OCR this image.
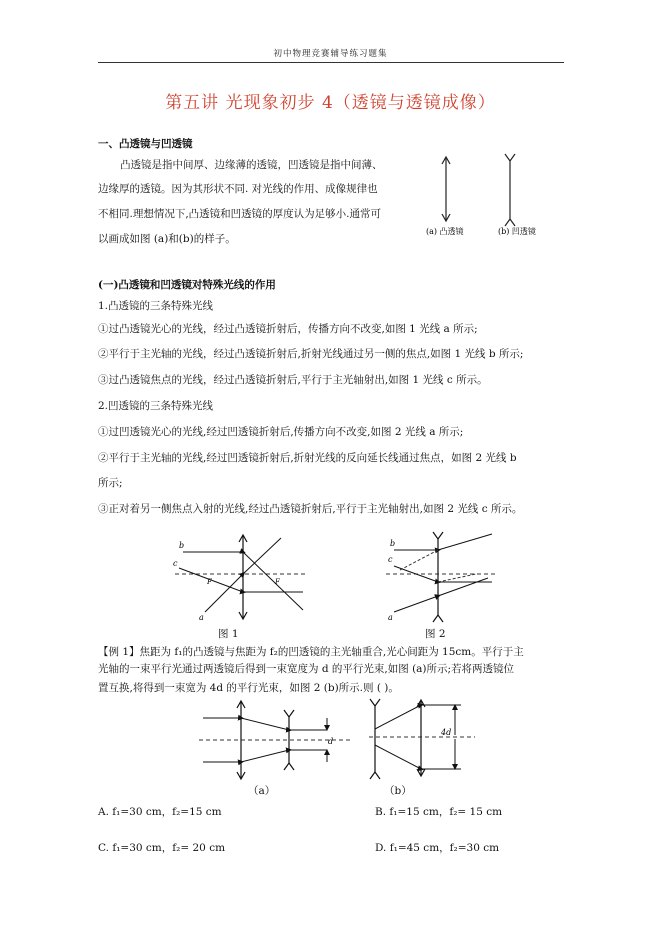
初中物理竞赛辅导练习题集
第五讲 光现象初步 4（透镜与透镜成像）
一、凸透镜与凹透镜
凸透镜是指中间厚、边缘薄的透镜，凹透镜是指中间薄、
边缘厚的透镜。因为其形状不同. 对光线的作用、成像规律也
不相同.理想情况下,凸透镜和凹透镜的厚度认为足够小.通常可
以画成如图 (a)和(b)的样子。
(a) 凸透镜	(b) 凹透镜
(一)凸透镜和凹透镜对特殊光线的作用
1.凸透镜的三条特殊光线
①过凸透镜光心的光线，经过凸透镜折射后，传播方向不改变,如图 1 光线 a 所示;
②平行于主光轴的光线，经过凸透镜折射后,折射光线通过另一侧的焦点,如图 1 光线 b 所示;
③过凸透镜焦点的光线，经过凸透镜折射后,平行于主光轴射出,如图 1 光线 c 所示。
2.凹透镜的三条特殊光线
①过凹透镜光心的光线,经过凹透镜折射后,传播方向不改变,如图 2 光线 a 所示;
②平行于主光轴的光线,经过凹透镜折射后,折射光线的反向延长线通过焦点，如图 2 光线 b
所示;
③正对着另一侧焦点入射的光线,经过凸透镜折射后,平行于主光轴射出,如图 2 光线 c 所示。
b
c
a
F	F
b
c
a
图 1	图 2
【例 1】焦距为 f₁的凸透镜与焦距为 f₂的凹透镜的主光轴重合,光心间距为 15cm。平行于主
光轴的一束平行光通过两透镜后得到一束宽度为 d 的平行光束,如图 (a)所示;若将两透镜位
置互换,将得到一束宽为 4d 的平行光束，如图 2 (b)所示.则 ( )。
d
4d
（a）	（b）
A. f₁=30 cm，f₂=15 cm	B. f₁=15 cm，f₂= 15 cm
C. f₁=30 cm，f₂= 20 cm	D. f₁=45 cm，f₂=30 cm
